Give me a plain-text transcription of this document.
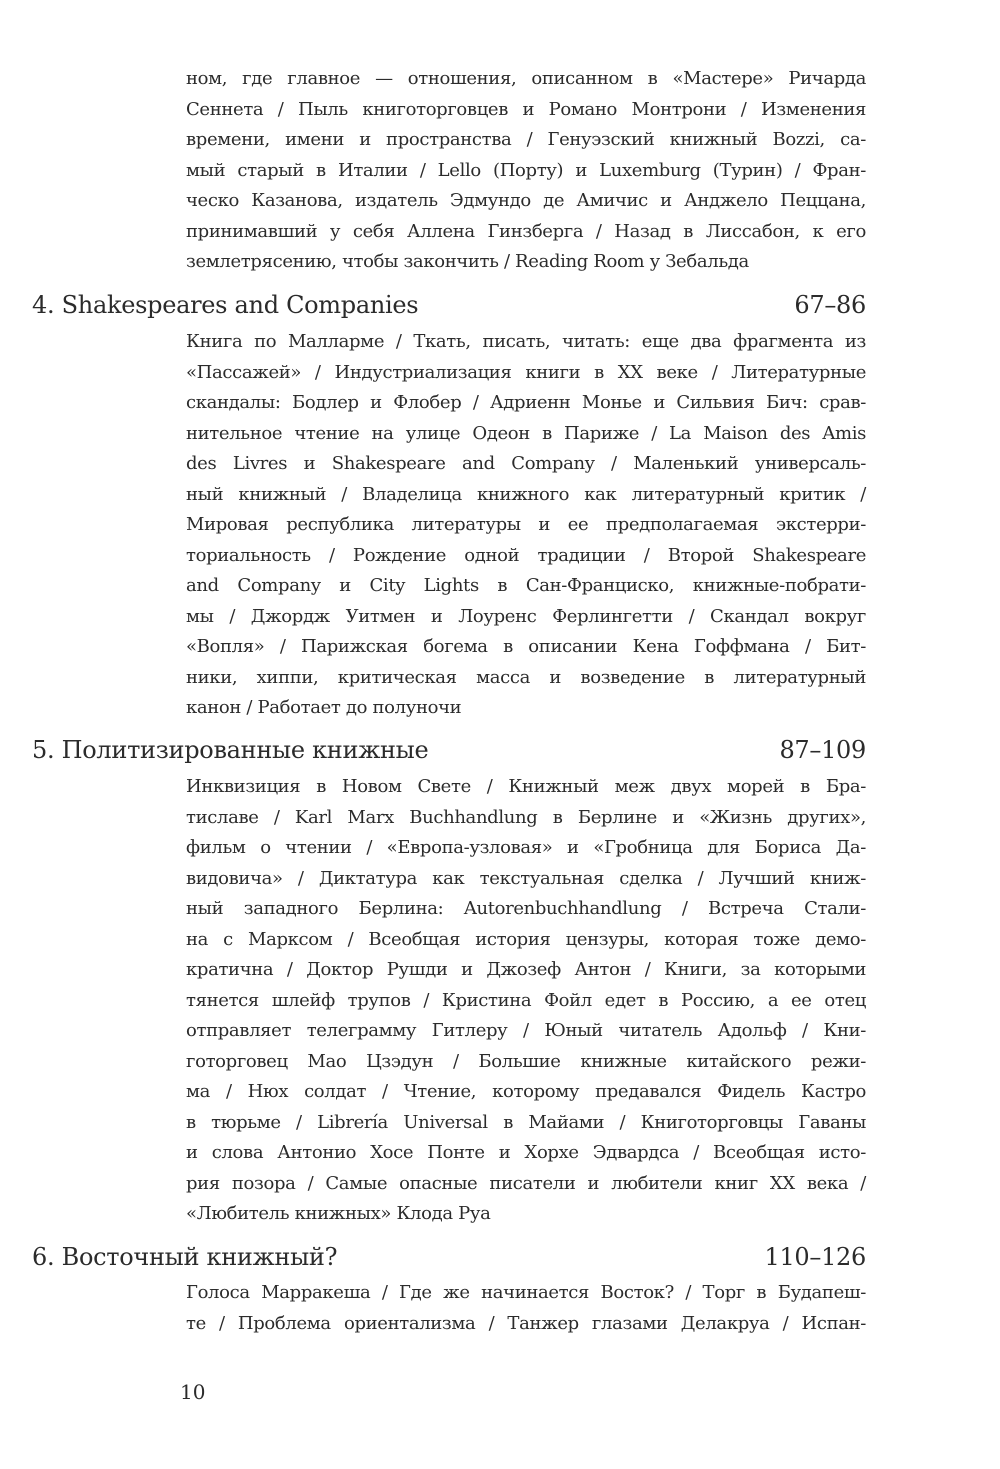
ном, где главное — отношения, описанном в «Мастере» Ричарда
Сеннета / Пыль книготорговцев и Романо Монтрони / Изменения
времени, имени и пространства / Генуэзский книжный Bozzi, са-
мый старый в Италии / Lello (Порту) и Luxemburg (Турин) / Фран-
ческо Казанова, издатель Эдмундо де Амичис и Анджело Пеццана,
принимавший у себя Аллена Гинзберга / Назад в Лиссабон, к его
землетрясению, чтобы закончить / Reading Room у Зебальда
4. Shakespeares and Companies	67–86
Книга по Малларме / Ткать, писать, читать: еще два фрагмента из
«Пассажей» / Индустриализация книги в XX веке / Литературные
скандалы: Бодлер и Флобер / Адриенн Монье и Сильвия Бич: срав-
нительное чтение на улице Одеон в Париже / La Maison des Amis
des Livres и Shakespeare and Company / Маленький универсаль-
ный книжный / Владелица книжного как литературный критик /
Мировая республика литературы и ее предполагаемая экстерри-
ториальность / Рождение одной традиции / Второй Shakespeare
and Company и City Lights в Сан-Франциско, книжные-побрати-
мы / Джордж Уитмен и Лоуренс Ферлингетти / Скандал вокруг
«Вопля» / Парижская богема в описании Кена Гоффмана / Бит-
ники, хиппи, критическая масса и возведение в литературный
канон / Работает до полуночи
5. Политизированные книжные	87–109
Инквизиция в Новом Свете / Книжный меж двух морей в Бра-
тиславе / Karl Marx Buchhandlung в Берлине и «Жизнь других»,
фильм о чтении / «Европа-узловая» и «Гробница для Бориса Да-
видовича» / Диктатура как текстуальная сделка / Лучший книж-
ный западного Берлина: Autorenbuchhandlung / Встреча Стали-
на с Марксом / Всеобщая история цензуры, которая тоже демо-
кратична / Доктор Рушди и Джозеф Антон / Книги, за которыми
тянется шлейф трупов / Кристина Фойл едет в Россию, а ее отец
отправляет телеграмму Гитлеру / Юный читатель Адольф / Кни-
готорговец Мао Цзэдун / Большие книжные китайского режи-
ма / Нюх солдат / Чтение, которому предавался Фидель Кастро
в тюрьме / Librería Universal в Майами / Книготорговцы Гаваны
и слова Антонио Хосе Понте и Хорхе Эдвардса / Всеобщая исто-
рия позора / Самые опасные писатели и любители книг XX века /
«Любитель книжных» Клода Руа
6. Восточный книжный?	110–126
Голоса Марракеша / Где же начинается Восток? / Торг в Будапеш-
те / Проблема ориентализма / Танжер глазами Делакруа / Испан-
10
